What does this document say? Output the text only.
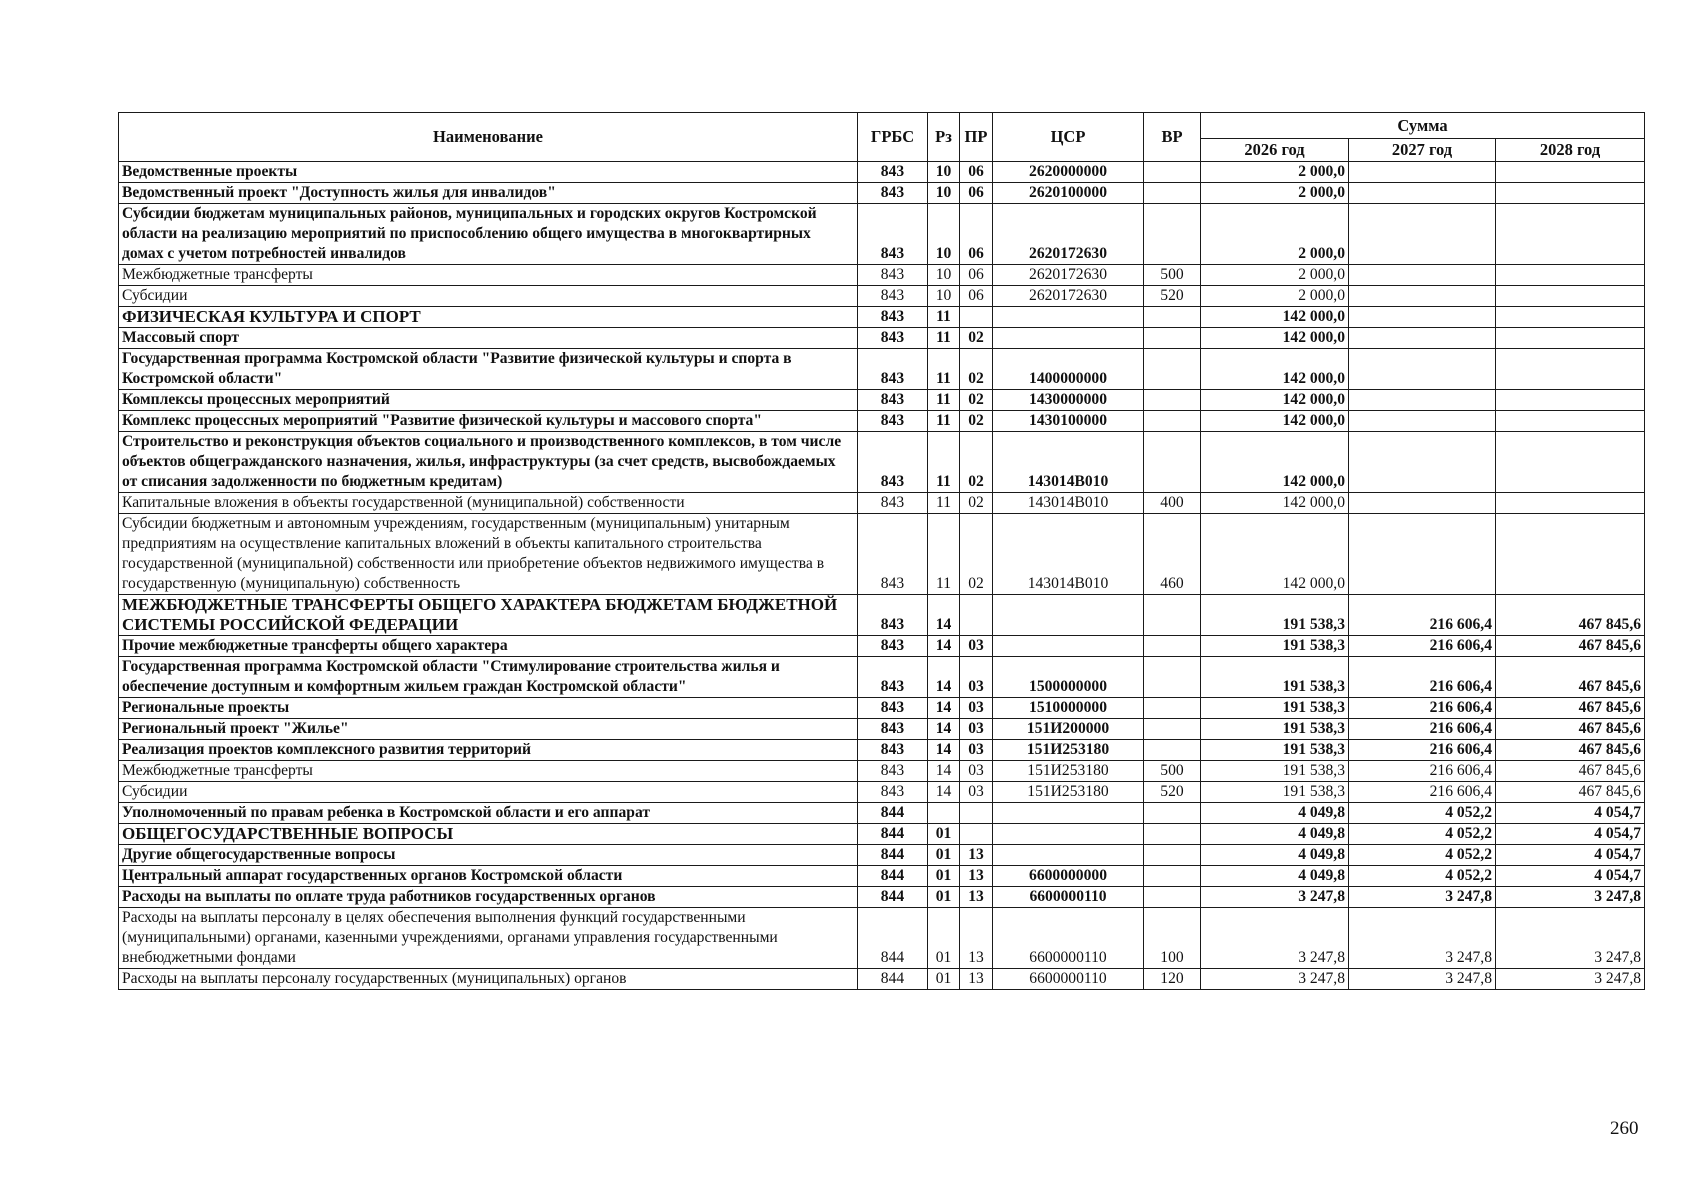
Наименование	ГРБС	Рз	ПР	ЦСР	ВР	Сумма		
						2026 год	2027 год	2028 год
Ведомственные проекты	843	10	06	2620000000		2 000,0		
Ведомственный проект "Доступность жилья для инвалидов"	843	10	06	2620100000		2 000,0		
Субсидии бюджетам муниципальных районов, муниципальных и городских округов Костромской области на реализацию мероприятий по приспособлению общего имущества в многоквартирных домах с учетом потребностей инвалидов	843	10	06	2620172630		2 000,0		
Межбюджетные трансферты	843	10	06	2620172630	500	2 000,0		
Субсидии	843	10	06	2620172630	520	2 000,0		
ФИЗИЧЕСКАЯ КУЛЬТУРА И СПОРТ	843	11				142 000,0		
Массовый спорт	843	11	02			142 000,0		
Государственная программа Костромской области "Развитие физической культуры и спорта в Костромской области"	843	11	02	1400000000		142 000,0		
Комплексы процессных мероприятий	843	11	02	1430000000		142 000,0		
Комплекс процессных мероприятий "Развитие физической культуры и массового спорта"	843	11	02	1430100000		142 000,0		
Строительство и реконструкция объектов социального и производственного комплексов, в том числе объектов общегражданского назначения, жилья, инфраструктуры (за счет средств, высвобождаемых от списания задолженности по бюджетным кредитам)	843	11	02	143014В010		142 000,0		
Капитальные вложения в объекты государственной (муниципальной) собственности	843	11	02	143014В010	400	142 000,0		
Субсидии бюджетным и автономным учреждениям, государственным (муниципальным) унитарным предприятиям на осуществление капитальных вложений в объекты капитального строительства государственной (муниципальной) собственности или приобретение объектов недвижимого имущества в государственную (муниципальную) собственность	843	11	02	143014В010	460	142 000,0		
МЕЖБЮДЖЕТНЫЕ ТРАНСФЕРТЫ ОБЩЕГО ХАРАКТЕРА БЮДЖЕТАМ БЮДЖЕТНОЙ СИСТЕМЫ РОССИЙСКОЙ ФЕДЕРАЦИИ	843	14				191 538,3	216 606,4	467 845,6
Прочие межбюджетные трансферты общего характера	843	14	03			191 538,3	216 606,4	467 845,6
Государственная программа Костромской области "Стимулирование строительства жилья и обеспечение доступным и комфортным жильем граждан Костромской области"	843	14	03	1500000000		191 538,3	216 606,4	467 845,6
Региональные проекты	843	14	03	1510000000		191 538,3	216 606,4	467 845,6
Региональный проект "Жилье"	843	14	03	151И200000		191 538,3	216 606,4	467 845,6
Реализация проектов комплексного развития территорий	843	14	03	151И253180		191 538,3	216 606,4	467 845,6
Межбюджетные трансферты	843	14	03	151И253180	500	191 538,3	216 606,4	467 845,6
Субсидии	843	14	03	151И253180	520	191 538,3	216 606,4	467 845,6
Уполномоченный по правам ребенка в Костромской области и его аппарат	844					4 049,8	4 052,2	4 054,7
ОБЩЕГОСУДАРСТВЕННЫЕ ВОПРОСЫ	844	01				4 049,8	4 052,2	4 054,7
Другие общегосударственные вопросы	844	01	13			4 049,8	4 052,2	4 054,7
Центральный аппарат государственных органов Костромской области	844	01	13	6600000000		4 049,8	4 052,2	4 054,7
Расходы на выплаты по оплате труда работников государственных органов	844	01	13	6600000110		3 247,8	3 247,8	3 247,8
Расходы на выплаты персоналу в целях обеспечения выполнения функций государственными (муниципальными) органами, казенными учреждениями, органами управления государственными внебюджетными фондами	844	01	13	6600000110	100	3 247,8	3 247,8	3 247,8
Расходы на выплаты персоналу государственных (муниципальных) органов	844	01	13	6600000110	120	3 247,8	3 247,8	3 247,8
260
